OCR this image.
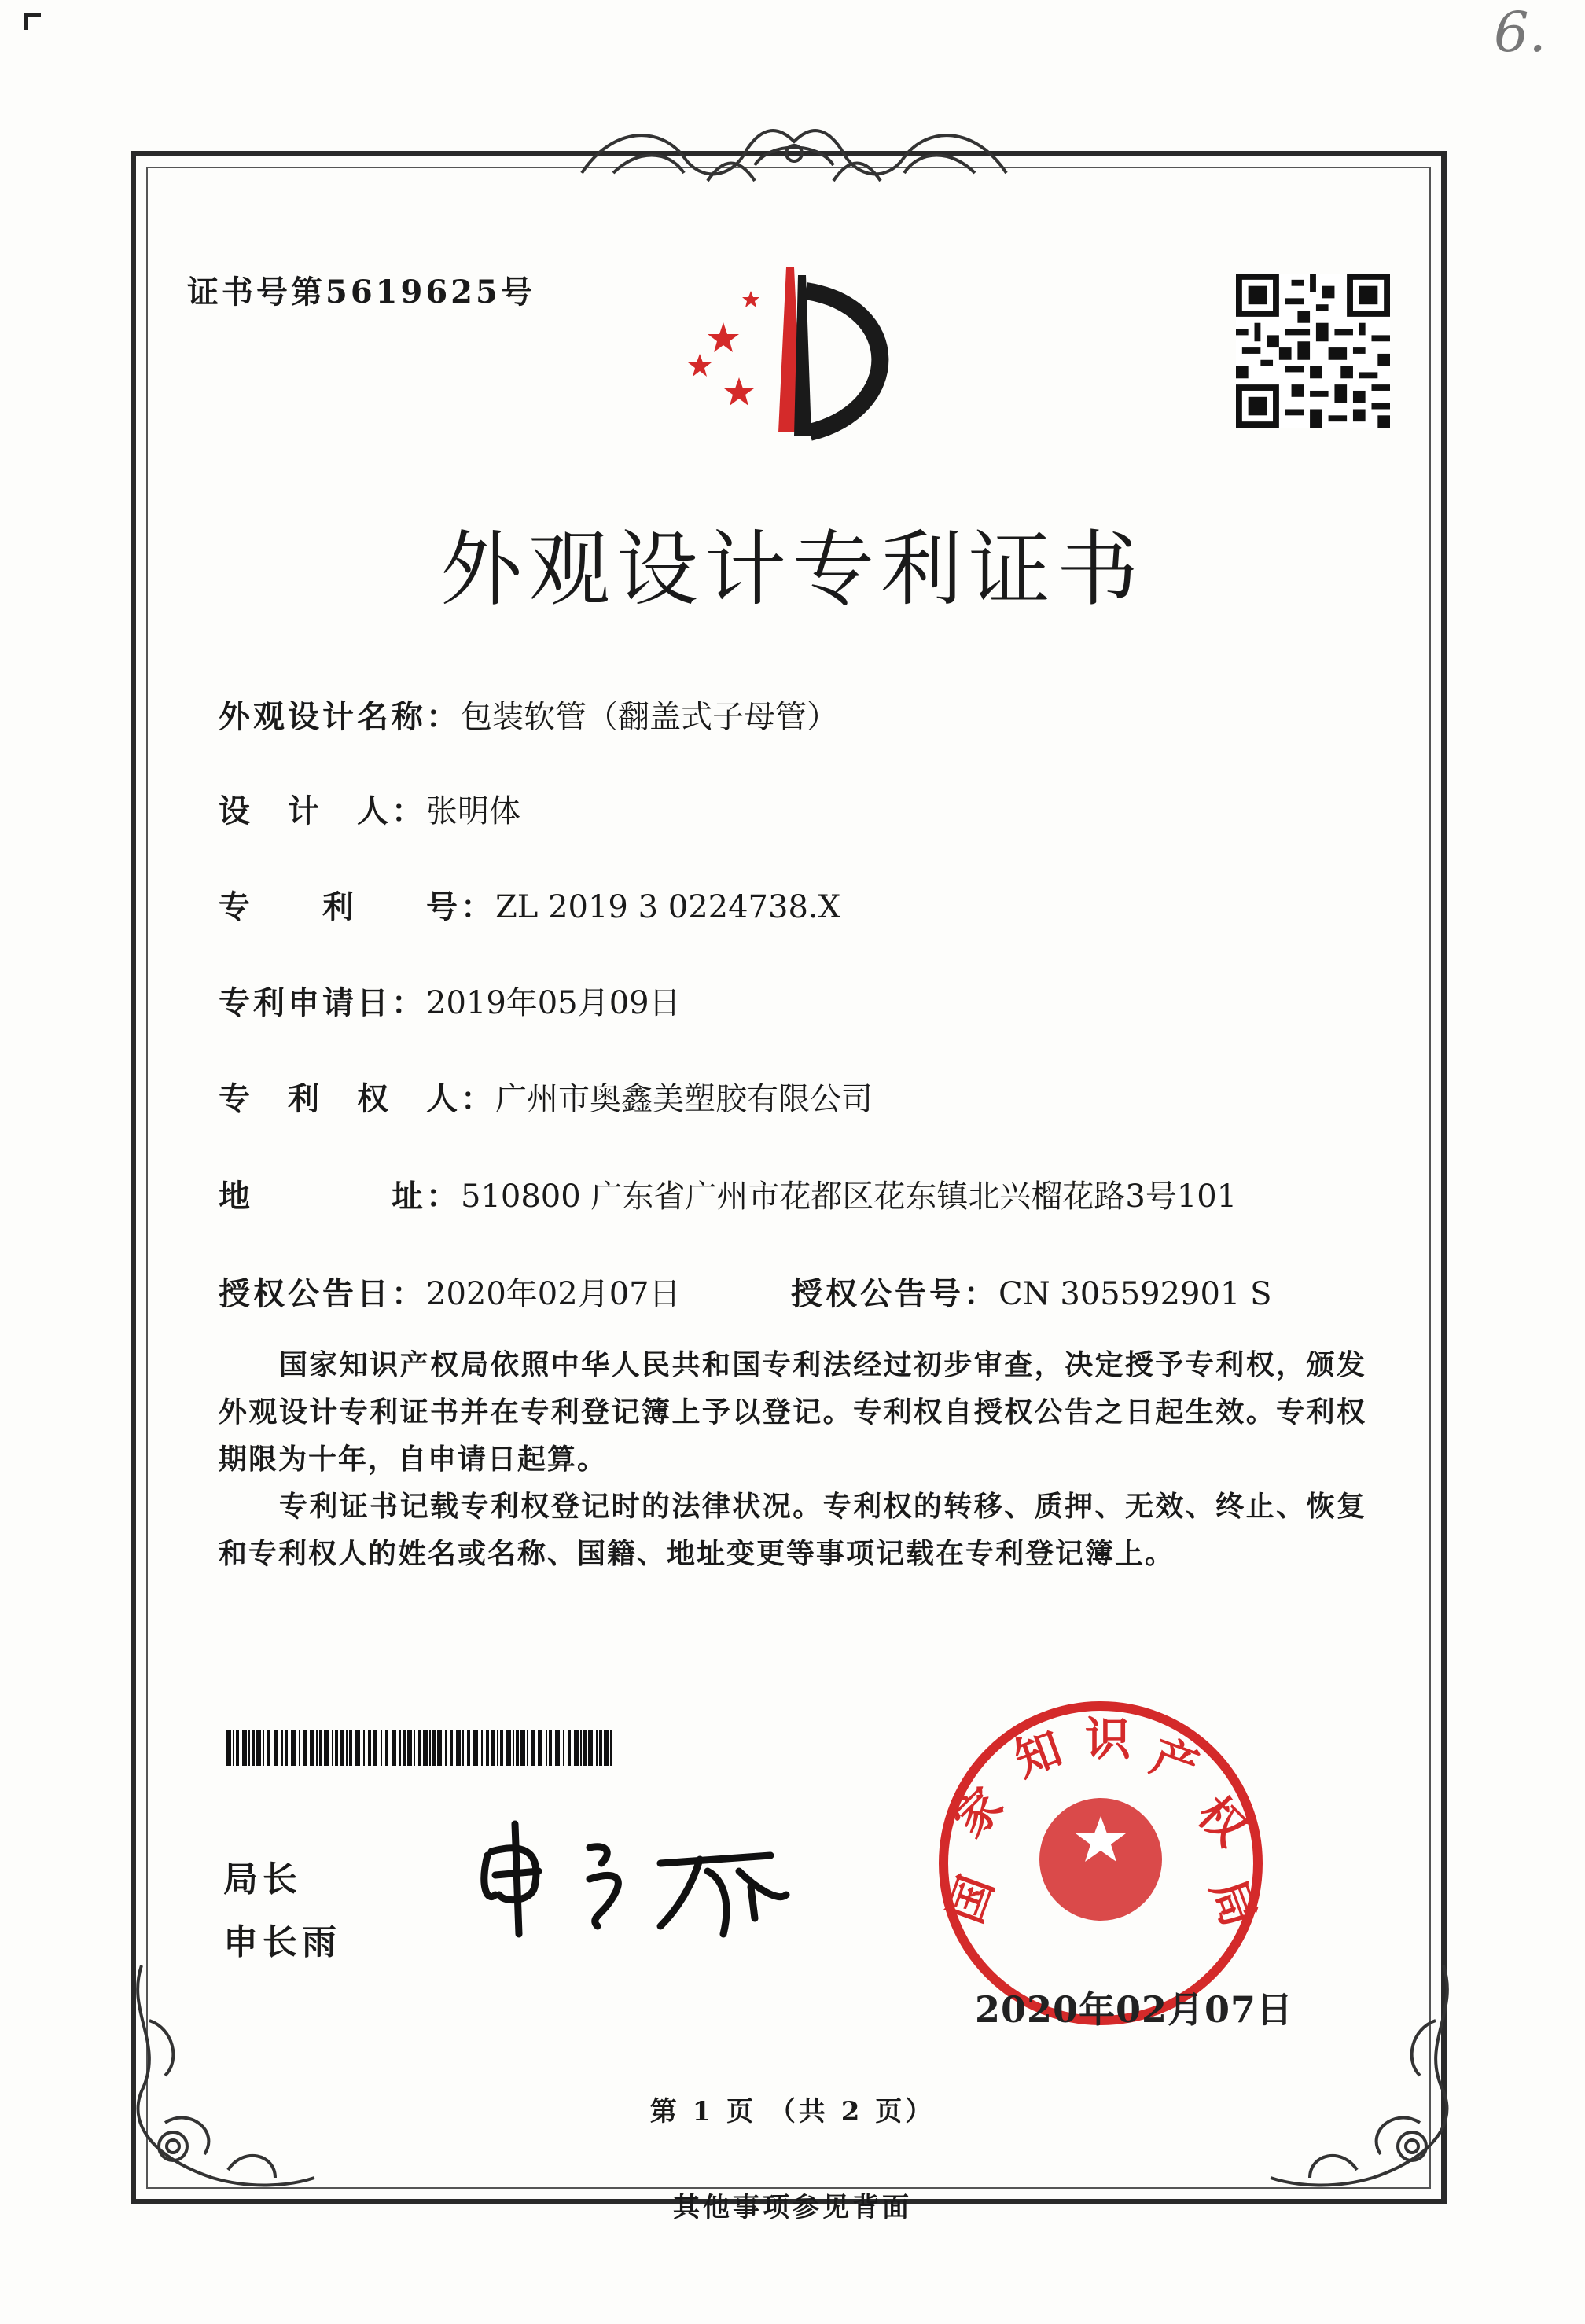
6.
证书号第5619625号
外观设计专利证书
外观设计名称：包装软管（翻盖式子母管）
设　计　人：张明体
专　　利　　号：ZL 2019 3 0224738.X
专利申请日：2019年05月09日
专　利　权　人：广州市奥鑫美塑胶有限公司
地　　　　址：510800 广东省广州市花都区花东镇北兴榴花路3号101
授权公告日：2020年02月07日	授权公告号：CN 305592901 S
　　国家知识产权局依照中华人民共和国专利法经过初步审查，决定授予专利权，颁发外观设计专利证书并在专利登记簿上予以登记。专利权自授权公告之日起生效。专利权期限为十年，自申请日起算。
　　专利证书记载专利权登记时的法律状况。专利权的转移、质押、无效、终止、恢复和专利权人的姓名或名称、国籍、地址变更等事项记载在专利登记簿上。
局长
申长雨
国
家
知 识 产
权
局
2020年02月07日
第 1 页 （共 2 页）
其他事项参见背面
